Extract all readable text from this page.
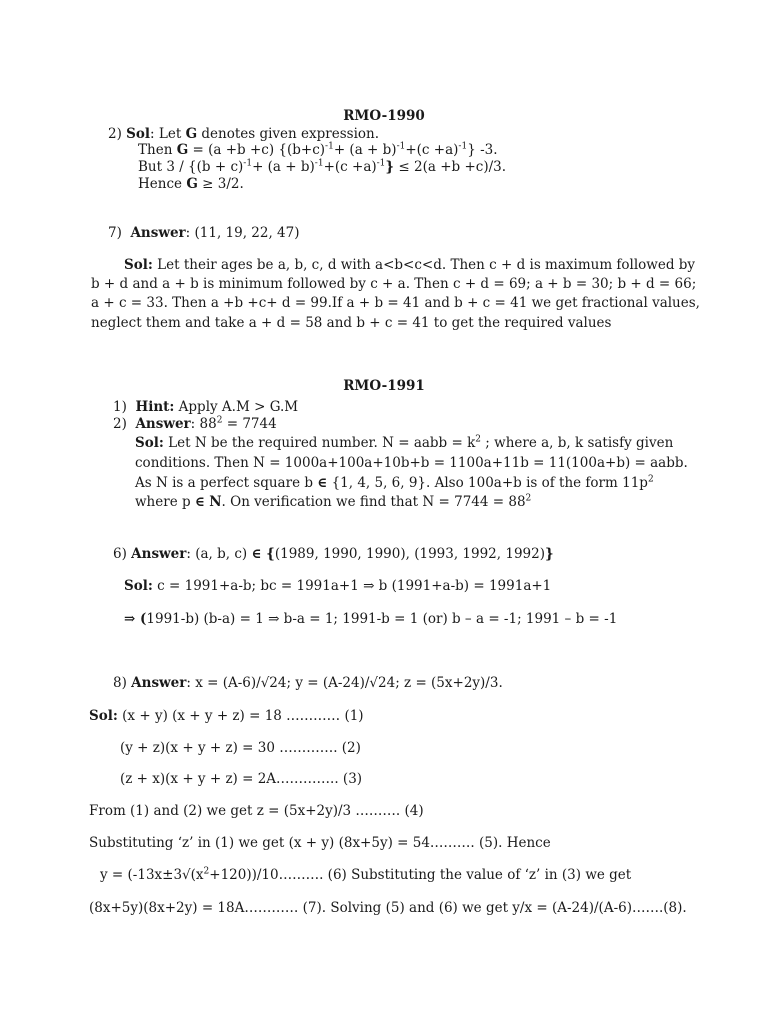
RMO-1990
2) Sol: Let G denotes given expression.
Then G = (a +b +c) $\{(b+c)^{-1}+ (a + b)^{-1}+(c +a)^{-1}\}$ -3.
But $3 / \{(b + c)^{-1}+ (a + b)^{-1}+(c +a)^{-1}\} \le 2(a +b +c)/3$.
Hence G ≥ 3/2.
7) Answer: (11, 19, 22, 47)
Sol: Let their ages be a, b, c, d with a<b<c<d. Then c + d is maximum followed by
b + d and a + b is minimum followed by c + a. Then c + d = 69; a + b = 30; b + d = 66;
a + c = 33. Then a +b +c+ d = 99.If a + b = 41 and b + c = 41 we get fractional values,
neglect them and take a + d = 58 and b + c = 41 to get the required values
RMO-1991
1) Hint: Apply A.M > G.M
2) Answer: $88^2 = 7744$
Sol: Let N be the required number. N = aabb = $k^2$ ; where a, b, k satisfy given
conditions. Then N = 1000a+100a+10b+b = 1100a+11b = 11(100a+b) = aabb.
As N is a perfect square b ∈ {1, 4, 5, 6, 9}. Also 100a+b is of the form $11p^2$
where p ∈ N. On verification we find that $N = 7744 = 88^2$
6) Answer: (a, b, c) ∈ {(1989, 1990, 1990), (1993, 1992, 1992)}
Sol: c = 1991+a-b; bc = 1991a+1 ⇒ b (1991+a-b) = 1991a+1
⇒ (1991-b) (b-a) = 1 ⇒ b-a = 1; 1991-b = 1 (or) b – a = -1; 1991 – b = -1
8) Answer: x = (A-6)/√24; y = (A-24)/√24; z = (5x+2y)/3.
Sol: (x + y) (x + y + z) = 18 ………… (1)
(y + z)(x + y + z) = 30 …………. (2)
(z + x)(x + y + z) = 2A………….. (3)
From (1) and (2) we get z = (5x+2y)/3 ………. (4)
Substituting ‘z’ in (1) we get (x + y) (8x+5y) = 54………. (5). Hence
$y = (-13x\pm 3√(x^2+120))/10\dots\dots\dots$. (6) Substituting the value of ‘z’ in (3) we get
(8x+5y)(8x+2y) = 18A………… (7). Solving (5) and (6) we get y/x = (A-24)/(A-6)…….(8).
